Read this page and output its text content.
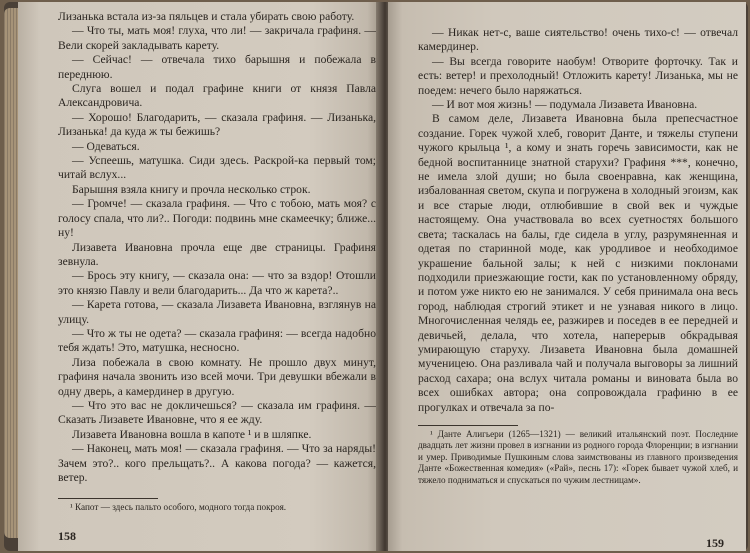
Лизанька встала из-за пяльцев и стала убирать свою работу.

— Что ты, мать моя! глуха, что ли! — закричала графиня. — Вели скорей закладывать карету.

— Сейчас! — отвечала тихо барышня и побежала в переднюю.

Слуга вошел и подал графине книги от князя Павла Александровича.

— Хорошо! Благодарить, — сказала графиня. — Лизанька, Лизанька! да куда ж ты бежишь?

— Одеваться.

— Успеешь, матушка. Сиди здесь. Раскрой-ка первый том; читай вслух...

Барышня взяла книгу и прочла несколько строк.

— Громче! — сказала графиня. — Что с тобою, мать моя? с голосу спала, что ли?.. Погоди: подвинь мне скамеечку; ближе... ну!

Лизавета Ивановна прочла еще две страницы. Графиня зевнула.

— Брось эту книгу, — сказала она: — что за вздор! Отошли это князю Павлу и вели благодарить... Да что ж карета?..

— Карета готова, — сказала Лизавета Ивановна, взглянув на улицу.

— Что ж ты не одета? — сказала графиня: — всегда надобно тебя ждать! Это, матушка, несносно.

Лиза побежала в свою комнату. Не прошло двух минут, графиня начала звонить изо всей мочи. Три девушки вбежали в одну дверь, а камердинер в другую.

— Что это вас не докличешься? — сказала им графиня. — Сказать Лизавете Ивановне, что я ее жду.

Лизавета Ивановна вошла в капоте ¹ и в шляпке.

— Наконец, мать моя! — сказала графиня. — Что за наряды! Зачем это?.. кого прельщать?.. А какова погода? — кажется, ветер.

¹ Капот — здесь пальто особого, модного тогда покроя.

158

— Никак нет-с, ваше сиятельство! очень тихо-с! — отвечал камердинер.

— Вы всегда говорите наобум! Отворите форточку. Так и есть: ветер! и прехолодный! Отложить карету! Лизанька, мы не поедем: нечего было наряжаться.

— И вот моя жизнь! — подумала Лизавета Ивановна.

В самом деле, Лизавета Ивановна была препесчастное создание. Горек чужой хлеб, говорит Данте, и тяжелы ступени чужого крыльца ¹, а кому и знать горечь зависимости, как не бедной воспитаннице знатной старухи? Графиня ***, конечно, не имела злой души; но была своенравна, как женщина, избалованная светом, скупа и погружена в холодный эгоизм, как и все старые люди, отлюбившие в свой век и чуждые настоящему. Она участвовала во всех суетностях большого света; таскалась на балы, где сидела в углу, разрумяненная и одетая по старинной моде, как уродливое и необходимое украшение бальной залы; к ней с низкими поклонами подходили приезжающие гости, как по установленному обряду, и потом уже никто ею не занимался. У себя принимала она весь город, наблюдая строгий этикет и не узнавая никого в лицо. Многочисленная челядь ее, разжирев и поседев в ее передней и девичьей, делала, что хотела, наперерыв обкрадывая умирающую старуху. Лизавета Ивановна была домашней мученицею. Она разливала чай и получала выговоры за лишний расход сахара; она вслух читала романы и виновата была во всех ошибках автора; она сопровождала графиню в ее прогулках и отвечала за по-

¹ Данте Алигьери (1265—1321) — великий итальянский поэт. Последние двадцать лет жизни провел в изгнании из родного города Флоренции; в изгнании и умер. Приводимые Пушкиным слова заимствованы из главного произведения Данте «Божественная комедия» («Рай», песнь 17): «Горек бывает чужой хлеб, и тяжело подниматься и спускаться по чужим лестницам».

159
